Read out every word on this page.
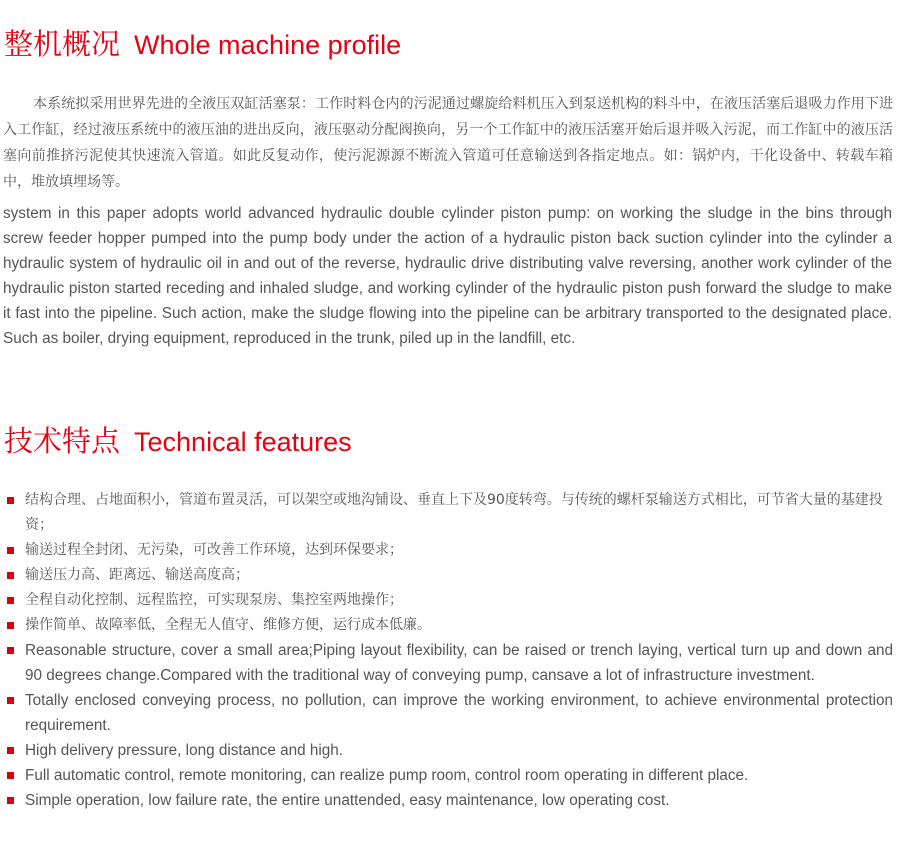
整机概况 Whole machine profile

本系统拟采用世界先进的全液压双缸活塞泵：工作时料仓内的污泥通过螺旋给料机压入到泵送机构的料斗中，在液压活塞后退吸力作用下进入工作缸，经过液压系统中的液压油的进出反向，液压驱动分配阀换向，另一个工作缸中的液压活塞开始后退并吸入污泥，而工作缸中的液压活塞向前推挤污泥使其快速流入管道。如此反复动作，使污泥源源不断流入管道可任意输送到各指定地点。如：锅炉内，干化设备中、转载车箱中，堆放填埋场等。

system in this paper adopts world advanced hydraulic double cylinder piston pump: on working the sludge in the bins through screw feeder hopper pumped into the pump body under the action of a hydraulic piston back suction cylinder into the cylinder a hydraulic system of hydraulic oil in and out of the reverse, hydraulic drive distributing valve reversing, another work cylinder of the hydraulic piston started receding and inhaled sludge, and working cylinder of the hydraulic piston push forward the sludge to make it fast into the pipeline. Such action, make the sludge flowing into the pipeline can be arbitrary transported to the designated place. Such as boiler, drying equipment, reproduced in the trunk, piled up in the landfill, etc.

技术特点 Technical features
结构合理、占地面积小，管道布置灵活，可以架空或地沟铺设、垂直上下及90度转弯。与传统的螺杆泵输送方式相比，可节省大量的基建投资；
输送过程全封闭、无污染，可改善工作环境，达到环保要求；
输送压力高、距离远、输送高度高；
全程自动化控制、远程监控，可实现泵房、集控室两地操作；
操作简单、故障率低，全程无人值守、维修方便，运行成本低廉。
Reasonable structure, cover a small area;Piping layout flexibility, can be raised or trench laying, vertical turn up and down and 90 degrees change.Compared with the traditional way of conveying pump, cansave a lot of infrastructure investment.
Totally enclosed conveying process, no pollution, can improve the working environment, to achieve environmental protection requirement.
High delivery pressure, long distance and high.
Full automatic control, remote monitoring, can realize pump room, control room operating in different place.
Simple operation, low failure rate, the entire unattended, easy maintenance, low operating cost.
